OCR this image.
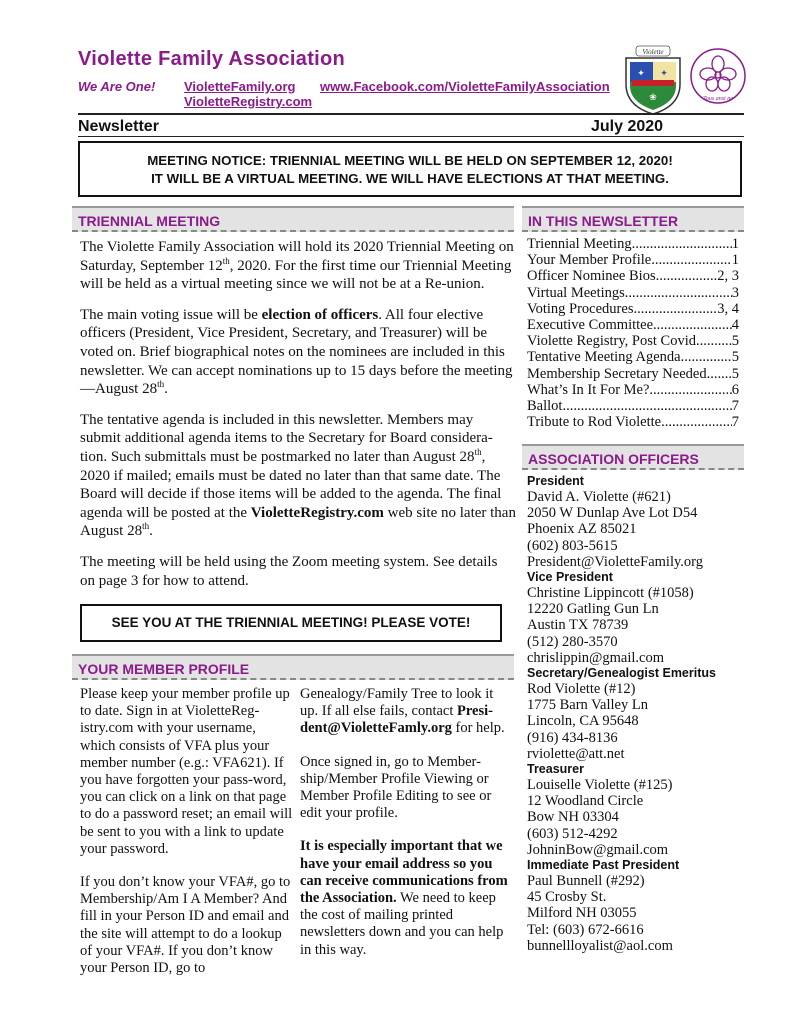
Violette Family Association
We Are One! VioletteFamily.org
VioletteRegistry.com
www.Facebook.com/VioletteFamilyAssociation
✦ ✦
❀
Violette
Tous ansi ne
Newsletter	July 2020
MEETING NOTICE: TRIENNIAL MEETING WILL BE HELD ON SEPTEMBER 12, 2020!
IT WILL BE A VIRTUAL MEETING. WE WILL HAVE ELECTIONS AT THAT MEETING.
TRIENNIAL MEETING

The Violette Family Association will hold its 2020 Triennial Meeting on Saturday, September 12th, 2020. For the first time our Triennial Meeting will be held as a virtual meeting since we will not be at a Re-union.

The main voting issue will be election of officers. All four elective officers (President, Vice President, Secretary, and Treasurer) will be voted on. Brief biographical notes on the nominees are included in this newsletter. We can accept nominations up to 15 days before the meeting—August 28th.

The tentative agenda is included in this newsletter. Members may submit additional agenda items to the Secretary for Board considera-tion. Such submittals must be postmarked no later than August 28th, 2020 if mailed; emails must be dated no later than that same date. The Board will decide if those items will be added to the agenda. The final agenda will be posted at the VioletteRegistry.com web site no later than August 28th.

The meeting will be held using the Zoom meeting system. See details on page 3 for how to attend.

SEE YOU AT THE TRIENNIAL MEETING! PLEASE VOTE!
YOUR MEMBER PROFILE

Please keep your member profile up to date. Sign in at VioletteReg-istry.com with your username, which consists of VFA plus your member number (e.g.: VFA621). If you have forgotten your pass-word, you can click on a link on that page to do a password reset; an email will be sent to you with a link to update your password.

If you don’t know your VFA#, go to Membership/Am I A Member? And fill in your Person ID and email and the site will attempt to do a lookup of your VFA#. If you don’t know your Person ID, go to

Genealogy/Family Tree to look it up. If all else fails, contact Presi-dent@VioletteFamly.org for help.

Once signed in, go to Member-ship/Member Profile Viewing or Member Profile Editing to see or edit your profile.

It is especially important that we have your email address so you can receive communications from the Association. We need to keep the cost of mailing printed newsletters down and you can help in this way.

IN THIS NEWSLETTER
Triennial Meeting .....	1
Your Member Profile .....	1
Officer Nominee Bios .....	2, 3
Virtual Meetings .....	3
Voting Procedures .....	3, 4
Executive Committee .....	4
Violette Registry, Post Covid ..... 5
Tentative Meeting Agenda .....	5
Membership Secretary Needed ..... 5
What’s In It For Me? .....	6
Ballot .....	7
Tribute to Rod Violette .....	7
ASSOCIATION OFFICERS
President
David A. Violette (#621)
2050 W Dunlap Ave Lot D54
Phoenix AZ 85021
(602) 803-5615
President@VioletteFamily.org
Vice President
Christine Lippincott (#1058)
12220 Gatling Gun Ln
Austin TX 78739
(512) 280-3570
chrislippin@gmail.com
Secretary/Genealogist Emeritus
Rod Violette (#12)
1775 Barn Valley Ln
Lincoln, CA 95648
(916) 434-8136
rviolette@att.net
Treasurer
Louiselle Violette (#125)
12 Woodland Circle
Bow NH 03304
(603) 512-4292
JohninBow@gmail.com
Immediate Past President
Paul Bunnell (#292)
45 Crosby St.
Milford NH 03055
Tel: (603) 672-6616
bunnellloyalist@aol.com
